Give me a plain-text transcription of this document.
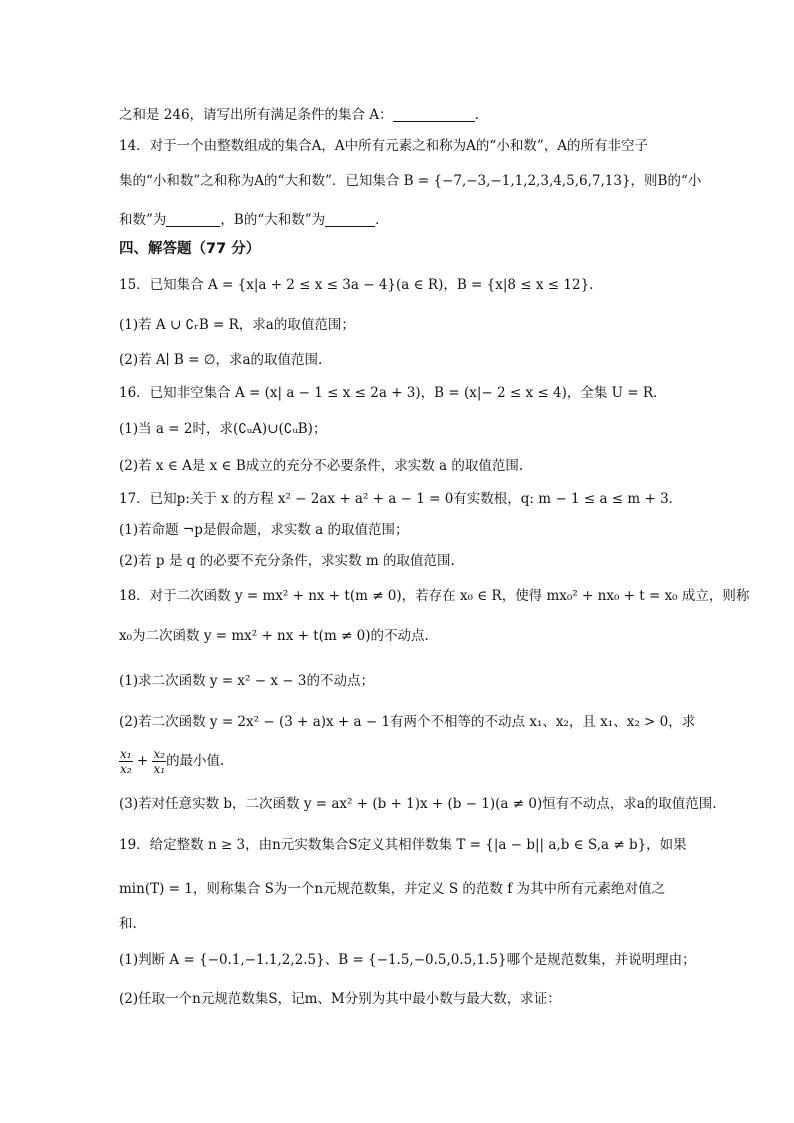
之和是 246，请写出所有满足条件的集合 A：	.
14．对于一个由整数组成的集合A，A中所有元素之和称为A的“小和数”，A的所有非空子
集的“小和数”之和称为A的“大和数”．已知集合 B = {−7,−3,−1,1,2,3,4,5,6,7,13}，则B的“小
和数”为	，B的“大和数”为	．
四、解答题（77 分）
15．已知集合 A = {x|a + 2 ≤ x ≤ 3a − 4}(a ∈ R)，B = {x|8 ≤ x ≤ 12}.
(1)若 A ∪ ∁ᵣB = R，求a的取值范围；
(2)若 A∣ B = ∅，求a的取值范围.
16．已知非空集合 A = (x| a − 1 ≤ x ≤ 2a + 3)，B = (x|− 2 ≤ x ≤ 4)，全集 U = R．
(1)当 a = 2时，求(∁ᵤA)∪(∁ᵤB)；
(2)若 x ∈ A是 x ∈ B成立的充分不必要条件，求实数 a 的取值范围.
17．已知p:关于 x 的方程 x² − 2ax + a² + a − 1 = 0有实数根，q: m − 1 ≤ a ≤ m + 3．
(1)若命题 ¬p是假命题，求实数 a 的取值范围；
(2)若 p 是 q 的必要不充分条件，求实数 m 的取值范围.
18．对于二次函数 y = mx² + nx + t(m ≠ 0)，若存在 x₀ ∈ R，使得 mx₀² + nx₀ + t = x₀ 成立，则称
x₀为二次函数 y = mx² + nx + t(m ≠ 0)的不动点.
(1)求二次函数 y = x² − x − 3的不动点；
(2)若二次函数 y = 2x² − (3 + a)x + a − 1有两个不相等的不动点 x₁、x₂，且 x₁、x₂ > 0，求
$\frac{\text{x₁}}{\text{x₂}} + \frac{\text{x₂}}{\text{x₁}}$ 的最小值.
(3)若对任意实数 b，二次函数 y = ax² + (b + 1)x + (b − 1)(a ≠ 0)恒有不动点，求a的取值范围.
19．给定整数 n ≥ 3，由n元实数集合S定义其相伴数集 T = {|a − b|| a,b ∈ S,a ≠ b}，如果
min(T) = 1，则称集合 S为一个n元规范数集，并定义 S 的范数 f 为其中所有元素绝对值之
和.
(1)判断 A = {−0.1,−1.1,2,2.5}、B = {−1.5,−0.5,0.5,1.5}哪个是规范数集，并说明理由；
(2)任取一个n元规范数集S，记m、M分别为其中最小数与最大数，求证：
